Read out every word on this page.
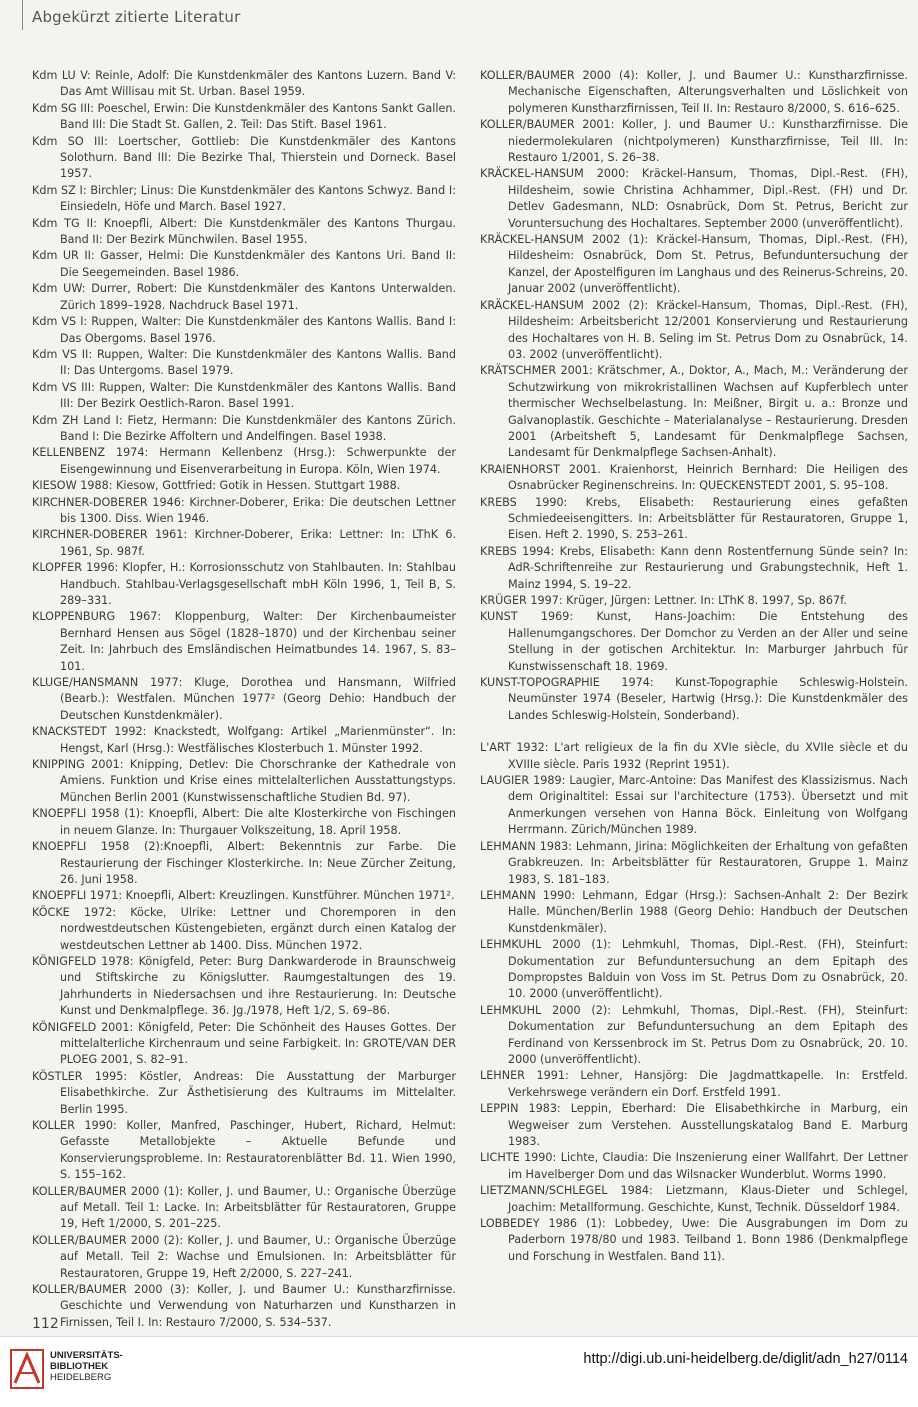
Abgekürzt zitierte Literatur

Kdm LU V: Reinle, Adolf: Die Kunstdenkmäler des Kantons Luzern. Band V: Das Amt Willisau mit St. Urban. Basel 1959.

Kdm SG III: Poeschel, Erwin: Die Kunstdenkmäler des Kantons Sankt Gallen. Band III: Die Stadt St. Gallen, 2. Teil: Das Stift. Basel 1961.

Kdm SO III: Loertscher, Gottlieb: Die Kunstdenkmäler des Kantons Solothurn. Band III: Die Bezirke Thal, Thierstein und Dorneck. Basel 1957.

Kdm SZ I: Birchler; Linus: Die Kunstdenkmäler des Kantons Schwyz. Band I: Einsiedeln, Höfe und March. Basel 1927.

Kdm TG II: Knoepfli, Albert: Die Kunstdenkmäler des Kantons Thurgau. Band II: Der Bezirk Münchwilen. Basel 1955.

Kdm UR II: Gasser, Helmi: Die Kunstdenkmäler des Kantons Uri. Band II: Die Seegemeinden. Basel 1986.

Kdm UW: Durrer, Robert: Die Kunstdenkmäler des Kantons Unterwalden. Zürich 1899–1928. Nachdruck Basel 1971.

Kdm VS I: Ruppen, Walter: Die Kunstdenkmäler des Kantons Wallis. Band I: Das Obergoms. Basel 1976.

Kdm VS II: Ruppen, Walter: Die Kunstdenkmäler des Kantons Wallis. Band II: Das Untergoms. Basel 1979.

Kdm VS III: Ruppen, Walter: Die Kunstdenkmäler des Kantons Wallis. Band III: Der Bezirk Oestlich-Raron. Basel 1991.

Kdm ZH Land I: Fietz, Hermann: Die Kunstdenkmäler des Kantons Zürich. Band I: Die Bezirke Affoltern und Andelfingen. Basel 1938.

KELLENBENZ 1974: Hermann Kellenbenz (Hrsg.): Schwerpunkte der Eisengewinnung und Eisenverarbeitung in Europa. Köln, Wien 1974.

KIESOW 1988: Kiesow, Gottfried: Gotik in Hessen. Stuttgart 1988.

KIRCHNER-DOBERER 1946: Kirchner-Doberer, Erika: Die deutschen Lettner bis 1300. Diss. Wien 1946.

KIRCHNER-DOBERER 1961: Kirchner-Doberer, Erika: Lettner: In: LThK 6. 1961, Sp. 987f.

KLOPFER 1996: Klopfer, H.: Korrosionsschutz von Stahlbauten. In: Stahlbau Handbuch. Stahlbau-Verlagsgesellschaft mbH Köln 1996, 1, Teil B, S. 289–331.

KLOPPENBURG 1967: Kloppenburg, Walter: Der Kirchenbaumeister Bernhard Hensen aus Sögel (1828–1870) und der Kirchenbau seiner Zeit. In: Jahrbuch des Emsländischen Heimatbundes 14. 1967, S. 83–101.

KLUGE/HANSMANN 1977: Kluge, Dorothea und Hansmann, Wilfried (Bearb.): Westfalen. München 1977² (Georg Dehio: Handbuch der Deutschen Kunstdenkmäler).

KNACKSTEDT 1992: Knackstedt, Wolfgang: Artikel „Marienmünster“. In: Hengst, Karl (Hrsg.): Westfälisches Klosterbuch 1. Münster 1992.

KNIPPING 2001: Knipping, Detlev: Die Chorschranke der Kathedrale von Amiens. Funktion und Krise eines mittelalterlichen Ausstattungstyps. München Berlin 2001 (Kunstwissenschaftliche Studien Bd. 97).

KNOEPFLI 1958 (1): Knoepfli, Albert: Die alte Klosterkirche von Fischingen in neuem Glanze. In: Thurgauer Volkszeitung, 18. April 1958.

KNOEPFLI 1958 (2):Knoepfli, Albert: Bekenntnis zur Farbe. Die Restaurierung der Fischinger Klosterkirche. In: Neue Zürcher Zeitung, 26. Juni 1958.

KNOEPFLI 1971: Knoepfli, Albert: Kreuzlingen. Kunstführer. München 1971².

KÖCKE 1972: Köcke, Ulrike: Lettner und Choremporen in den nordwestdeutschen Küstengebieten, ergänzt durch einen Katalog der westdeutschen Lettner ab 1400. Diss. München 1972.

KÖNIGFELD 1978: Königfeld, Peter: Burg Dankwarderode in Braunschweig und Stiftskirche zu Königslutter. Raumgestaltungen des 19. Jahrhunderts in Niedersachsen und ihre Restaurierung. In: Deutsche Kunst und Denkmalpflege. 36. Jg./1978, Heft 1/2, S. 69–86.

KÖNIGFELD 2001: Königfeld, Peter: Die Schönheit des Hauses Gottes. Der mittelalterliche Kirchenraum und seine Farbigkeit. In: GROTE/VAN DER PLOEG 2001, S. 82–91.

KÖSTLER 1995: Köstler, Andreas: Die Ausstattung der Marburger Elisabethkirche. Zur Ästhetisierung des Kultraums im Mittelalter. Berlin 1995.

KOLLER 1990: Koller, Manfred, Paschinger, Hubert, Richard, Helmut: Gefasste Metallobjekte – Aktuelle Befunde und Konservierungsprobleme. In: Restauratorenblätter Bd. 11. Wien 1990, S. 155–162.

KOLLER/BAUMER 2000 (1): Koller, J. und Baumer, U.: Organische Überzüge auf Metall. Teil 1: Lacke. In: Arbeitsblätter für Restauratoren, Gruppe 19, Heft 1/2000, S. 201–225.

KOLLER/BAUMER 2000 (2): Koller, J. und Baumer, U.: Organische Überzüge auf Metall. Teil 2: Wachse und Emulsionen. In: Arbeitsblätter für Restauratoren, Gruppe 19, Heft 2/2000, S. 227–241.

KOLLER/BAUMER 2000 (3): Koller, J. und Baumer U.: Kunstharzfirnisse. Geschichte und Verwendung von Naturharzen und Kunstharzen in Firnissen, Teil I. In: Restauro 7/2000, S. 534–537.

KOLLER/BAUMER 2000 (4): Koller, J. und Baumer U.: Kunstharzfirnisse. Mechanische Eigenschaften, Alterungsverhalten und Löslichkeit von polymeren Kunstharzfirnissen, Teil II. In: Restauro 8/2000, S. 616–625.

KOLLER/BAUMER 2001: Koller, J. und Baumer U.: Kunstharzfirnisse. Die niedermolekularen (nichtpolymeren) Kunstharzfirnisse, Teil III. In: Restauro 1/2001, S. 26–38.

KRÄCKEL-HANSUM 2000: Kräckel-Hansum, Thomas, Dipl.-Rest. (FH), Hildesheim, sowie Christina Achhammer, Dipl.-Rest. (FH) und Dr. Detlev Gadesmann, NLD: Osnabrück, Dom St. Petrus, Bericht zur Voruntersuchung des Hochaltares. September 2000 (unveröffentlicht).

KRÄCKEL-HANSUM 2002 (1): Kräckel-Hansum, Thomas, Dipl.-Rest. (FH), Hildesheim: Osnabrück, Dom St. Petrus, Befunduntersuchung der Kanzel, der Apostelfiguren im Langhaus und des Reinerus-Schreins, 20. Januar 2002 (unveröffentlicht).

KRÄCKEL-HANSUM 2002 (2): Kräckel-Hansum, Thomas, Dipl.-Rest. (FH), Hildesheim: Arbeitsbericht 12/2001 Konservierung und Restaurierung des Hochaltares von H. B. Seling im St. Petrus Dom zu Osnabrück, 14. 03. 2002 (unveröffentlicht).

KRÄTSCHMER 2001: Krätschmer, A., Doktor, A., Mach, M.: Veränderung der Schutzwirkung von mikrokristallinen Wachsen auf Kupferblech unter thermischer Wechselbelastung. In: Meißner, Birgit u. a.: Bronze und Galvanoplastik. Geschichte – Materialanalyse – Restaurierung. Dresden 2001 (Arbeitsheft 5, Landesamt für Denkmalpflege Sachsen, Landesamt für Denkmalpflege Sachsen-Anhalt).

KRAIENHORST 2001. Kraienhorst, Heinrich Bernhard: Die Heiligen des Osnabrücker Reginenschreins. In: QUECKENSTEDT 2001, S. 95–108.

KREBS 1990: Krebs, Elisabeth: Restaurierung eines gefaßten Schmiedeeisengitters. In: Arbeitsblätter für Restauratoren, Gruppe 1, Eisen. Heft 2. 1990, S. 253–261.

KREBS 1994: Krebs, Elisabeth: Kann denn Rostentfernung Sünde sein? In: AdR-Schriftenreihe zur Restaurierung und Grabungstechnik, Heft 1. Mainz 1994, S. 19–22.

KRÜGER 1997: Krüger, Jürgen: Lettner. In: LThK 8. 1997, Sp. 867f.

KUNST 1969: Kunst, Hans-Joachim: Die Entstehung des Hallenumgangschores. Der Domchor zu Verden an der Aller und seine Stellung in der gotischen Architektur. In: Marburger Jahrbuch für Kunstwissenschaft 18. 1969.

KUNST-TOPOGRAPHIE 1974: Kunst-Topographie Schleswig-Holstein. Neumünster 1974 (Beseler, Hartwig (Hrsg.): Die Kunstdenkmäler des Landes Schleswig-Holstein, Sonderband).

L'ART 1932: L'art religieux de la fin du XVIe siècle, du XVIIe siècle et du XVIIIe siècle. Paris 1932 (Reprint 1951).

LAUGIER 1989: Laugier, Marc-Antoine: Das Manifest des Klassizismus. Nach dem Originaltitel: Essai sur l'architecture (1753). Übersetzt und mit Anmerkungen versehen von Hanna Böck. Einleitung von Wolfgang Herrmann. Zürich/München 1989.

LEHMANN 1983: Lehmann, Jirina: Möglichkeiten der Erhaltung von gefaßten Grabkreuzen. In: Arbeitsblätter für Restauratoren, Gruppe 1. Mainz 1983, S. 181–183.

LEHMANN 1990: Lehmann, Edgar (Hrsg.): Sachsen-Anhalt 2: Der Bezirk Halle. München/Berlin 1988 (Georg Dehio: Handbuch der Deutschen Kunstdenkmäler).

LEHMKUHL 2000 (1): Lehmkuhl, Thomas, Dipl.-Rest. (FH), Steinfurt: Dokumentation zur Befunduntersuchung an dem Epitaph des Dompropstes Balduin von Voss im St. Petrus Dom zu Osnabrück, 20. 10. 2000 (unveröffentlicht).

LEHMKUHL 2000 (2): Lehmkuhl, Thomas, Dipl.-Rest. (FH), Steinfurt: Dokumentation zur Befunduntersuchung an dem Epitaph des Ferdinand von Kerssenbrock im St. Petrus Dom zu Osnabrück, 20. 10. 2000 (unveröffentlicht).

LEHNER 1991: Lehner, Hansjörg: Die Jagdmattkapelle. In: Erstfeld. Verkehrswege verändern ein Dorf. Erstfeld 1991.

LEPPIN 1983: Leppin, Eberhard: Die Elisabethkirche in Marburg, ein Wegweiser zum Verstehen. Ausstellungskatalog Band E. Marburg 1983.

LICHTE 1990: Lichte, Claudia: Die Inszenierung einer Wallfahrt. Der Lettner im Havelberger Dom und das Wilsnacker Wunderblut. Worms 1990.

LIETZMANN/SCHLEGEL 1984: Lietzmann, Klaus-Dieter und Schlegel, Joachim: Metallformung. Geschichte, Kunst, Technik. Düsseldorf 1984.

LOBBEDEY 1986 (1): Lobbedey, Uwe: Die Ausgrabungen im Dom zu Paderborn 1978/80 und 1983. Teilband 1. Bonn 1986 (Denkmalpflege und Forschung in Westfalen. Band 11).

112
UNIVERSITÄTS-
BIBLIOTHEK
HEIDELBERG
http://digi.ub.uni-heidelberg.de/diglit/adn_h27/0114
